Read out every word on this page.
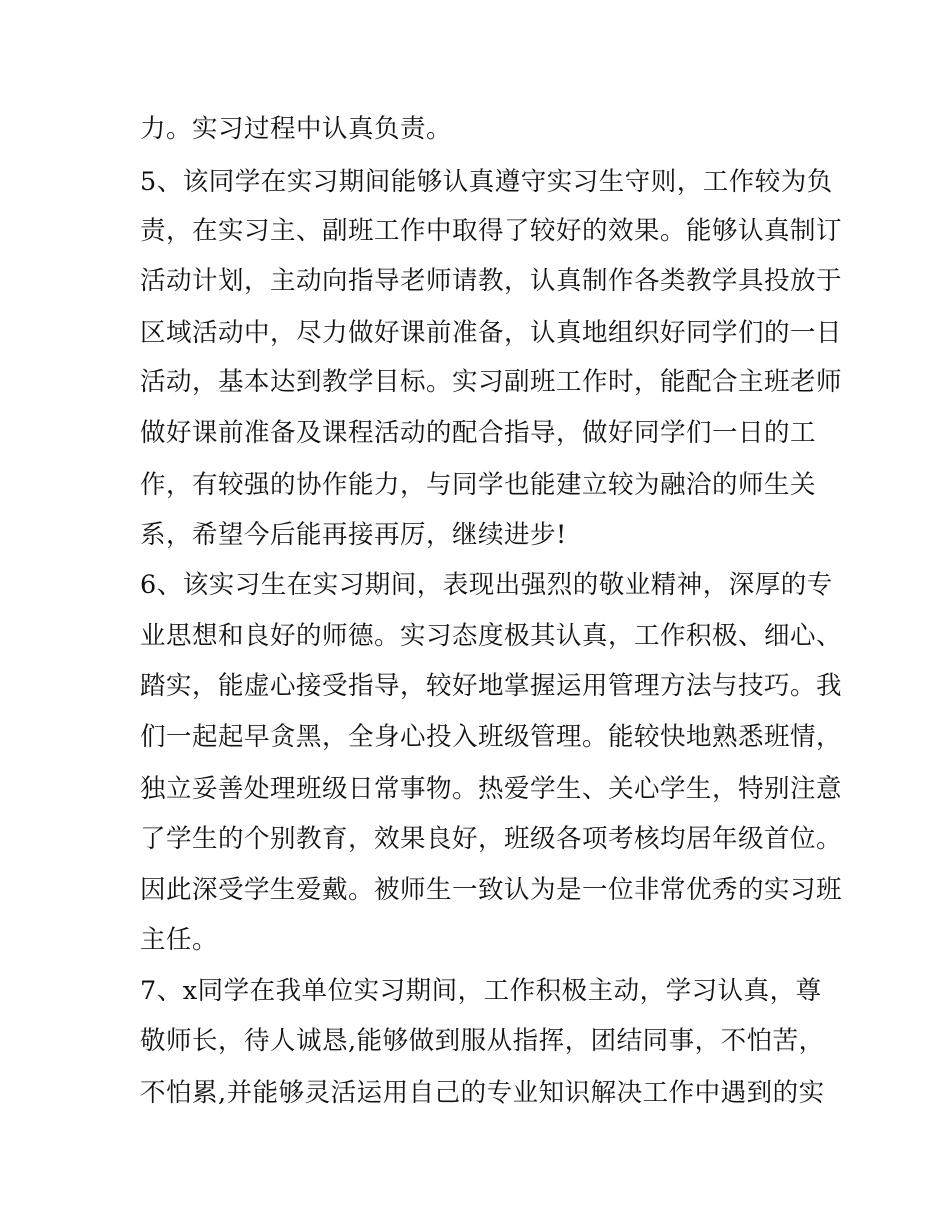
力。实习过程中认真负责。
5、该同学在实习期间能够认真遵守实习生守则，工作较为负
责，在实习主、副班工作中取得了较好的效果。能够认真制订
活动计划，主动向指导老师请教，认真制作各类教学具投放于
区域活动中，尽力做好课前准备，认真地组织好同学们的一日
活动，基本达到教学目标。实习副班工作时，能配合主班老师
做好课前准备及课程活动的配合指导，做好同学们一日的工
作，有较强的协作能力，与同学也能建立较为融洽的师生关
系，希望今后能再接再厉，继续进步!
6、该实习生在实习期间，表现出强烈的敬业精神，深厚的专
业思想和良好的师德。实习态度极其认真，工作积极、细心、
踏实，能虚心接受指导，较好地掌握运用管理方法与技巧。我
们一起起早贪黑，全身心投入班级管理。能较快地熟悉班情，
独立妥善处理班级日常事物。热爱学生、关心学生，特别注意
了学生的个别教育，效果良好，班级各项考核均居年级首位。
因此深受学生爱戴。被师生一致认为是一位非常优秀的实习班
主任。
7、x同学在我单位实习期间，工作积极主动，学习认真，尊
敬师长，待人诚恳,能够做到服从指挥，团结同事，不怕苦，
不怕累,并能够灵活运用自己的专业知识解决工作中遇到的实
